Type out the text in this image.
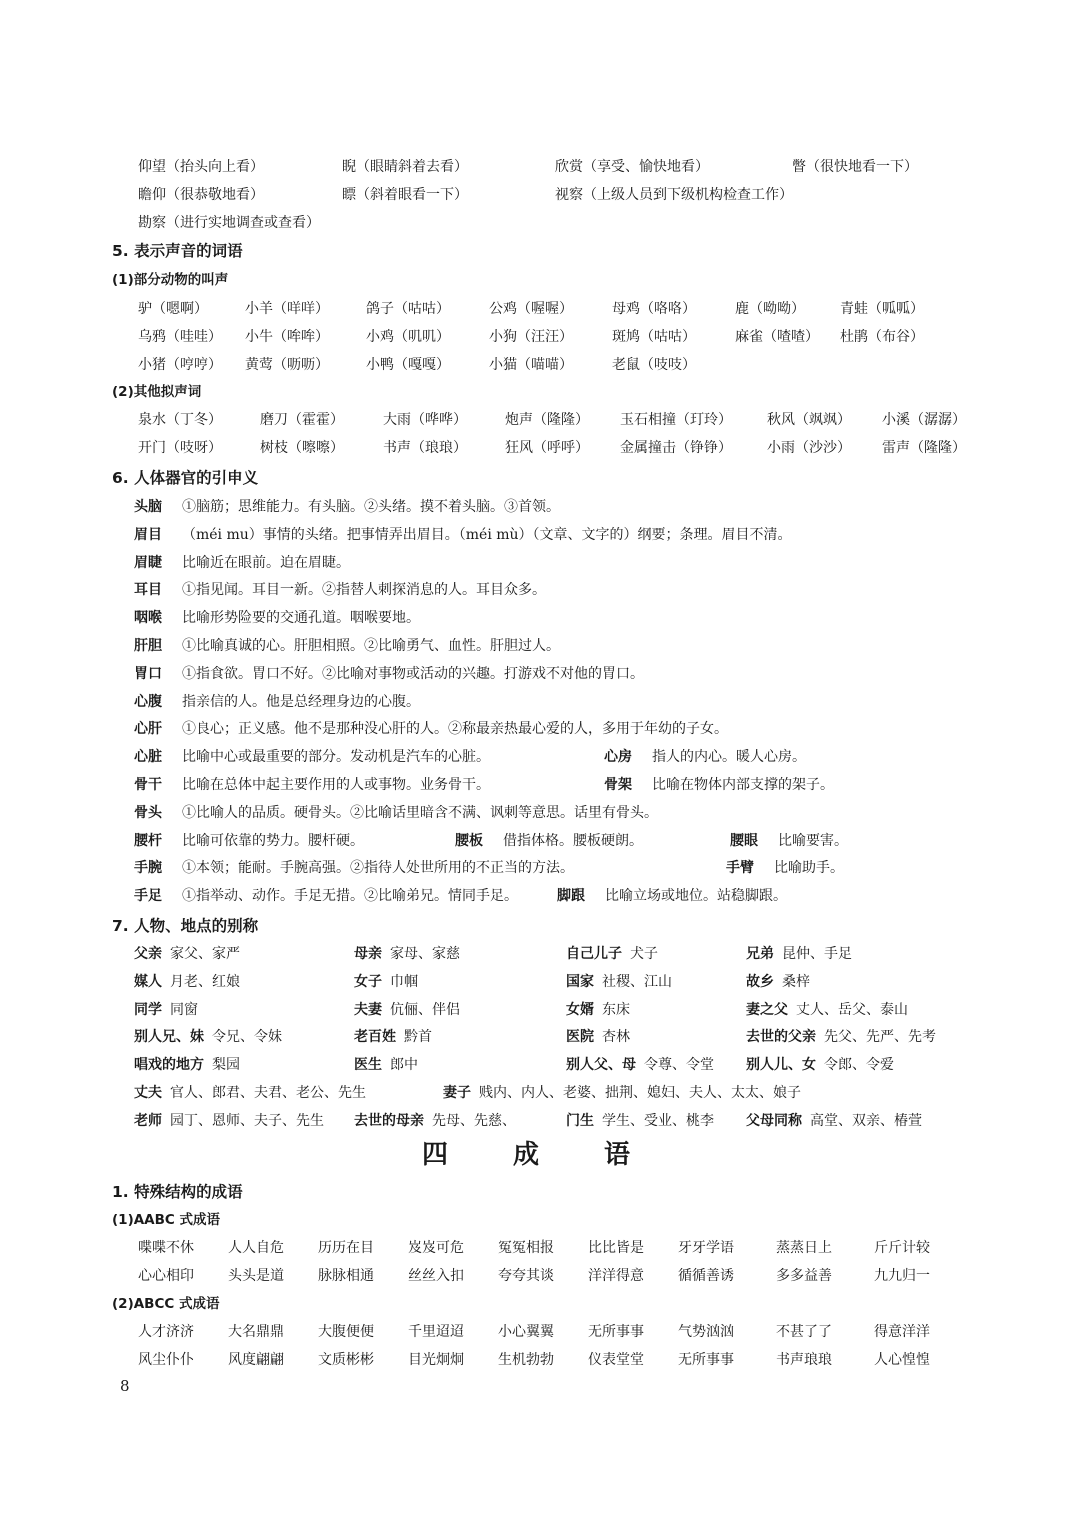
仰望（抬头向上看）	睨（眼睛斜着去看）	欣赏（享受、愉快地看）	瞥（很快地看一下）
瞻仰（很恭敬地看）	瞟（斜着眼看一下）	视察（上级人员到下级机构检查工作）
勘察（进行实地调查或查看）
5. 表示声音的词语
(1)部分动物的叫声
驴（嗯啊）	小羊（咩咩）	鸽子（咕咕）	公鸡（喔喔）	母鸡（咯咯）	鹿（呦呦）	青蛙（呱呱）
乌鸦（哇哇） 小牛（哞哞）	小鸡（叽叽）	小狗（汪汪）	斑鸠（咕咕）	麻雀（喳喳） 杜鹃（布谷）
小猪（哼哼） 黄莺（呖呖）	小鸭（嘎嘎）	小猫（喵喵）	老鼠（吱吱）
(2)其他拟声词
泉水（丁冬）	磨刀（霍霍）	大雨（哗哗）	炮声（隆隆） 玉石相撞（玎玲）	秋风（飒飒） 小溪（潺潺）
开门（吱呀）	树枝（嚓嚓）	书声（琅琅）	狂风（呼呼） 金属撞击（铮铮）	小雨（沙沙） 雷声（隆隆）
6. 人体器官的引申义
头脑 ①脑筋；思维能力。有头脑。②头绪。摸不着头脑。③首领。
眉目 （méi mu）事情的头绪。把事情弄出眉目。（méi mù）（文章、文字的）纲要；条理。眉目不清。
眉睫 比喻近在眼前。迫在眉睫。
耳目 ①指见闻。耳目一新。②指替人刺探消息的人。耳目众多。
咽喉 比喻形势险要的交通孔道。咽喉要地。
肝胆 ①比喻真诚的心。肝胆相照。②比喻勇气、血性。肝胆过人。
胃口 ①指食欲。胃口不好。②比喻对事物或活动的兴趣。打游戏不对他的胃口。
心腹 指亲信的人。他是总经理身边的心腹。
心肝 ①良心；正义感。他不是那种没心肝的人。②称最亲热最心爱的人，多用于年幼的子女。
心脏 比喻中心或最重要的部分。发动机是汽车的心脏。	心房 指人的内心。暖人心房。
骨干 比喻在总体中起主要作用的人或事物。业务骨干。	骨架 比喻在物体内部支撑的架子。
骨头 ①比喻人的品质。硬骨头。②比喻话里暗含不满、讽刺等意思。话里有骨头。
腰杆 比喻可依靠的势力。腰杆硬。	腰板 借指体格。腰板硬朗。	腰眼 比喻要害。
手腕 ①本领；能耐。手腕高强。②指待人处世所用的不正当的方法。	手臂 比喻助手。
手足 ①指举动、动作。手足无措。②比喻弟兄。情同手足。	脚跟 比喻立场或地位。站稳脚跟。
7. 人物、地点的别称
父亲 家父、家严	母亲 家母、家慈	自己儿子 犬子	兄弟 昆仲、手足
媒人 月老、红娘	女子 巾帼	国家 社稷、江山	故乡 桑梓
同学 同窗	夫妻 伉俪、伴侣	女婿 东床	妻之父 丈人、岳父、泰山
别人兄、妹 令兄、令妹	老百姓 黔首	医院 杏林	去世的父亲 先父、先严、先考
唱戏的地方 梨园	医生 郎中	别人父、母 令尊、令堂 别人儿、女 令郎、令爱
丈夫 官人、郎君、夫君、老公、先生	妻子 贱内、内人、老婆、拙荆、媳妇、夫人、太太、娘子
老师 园丁、恩师、夫子、先生 去世的母亲 先母、先慈、	门生 学生、受业、桃李 父母同称 高堂、双亲、椿萱
四 成 语
1. 特殊结构的成语
(1)AABC 式成语
喋喋不休 人人自危 历历在目 岌岌可危 冤冤相报 比比皆是 牙牙学语	蒸蒸日上	斤斤计较
心心相印 头头是道 脉脉相通 丝丝入扣 夸夸其谈 洋洋得意 循循善诱	多多益善	九九归一
(2)ABCC 式成语
人才济济 大名鼎鼎 大腹便便 千里迢迢 小心翼翼 无所事事 气势汹汹	不甚了了	得意洋洋
风尘仆仆 风度翩翩 文质彬彬 目光炯炯 生机勃勃 仪表堂堂 无所事事	书声琅琅	人心惶惶
8
